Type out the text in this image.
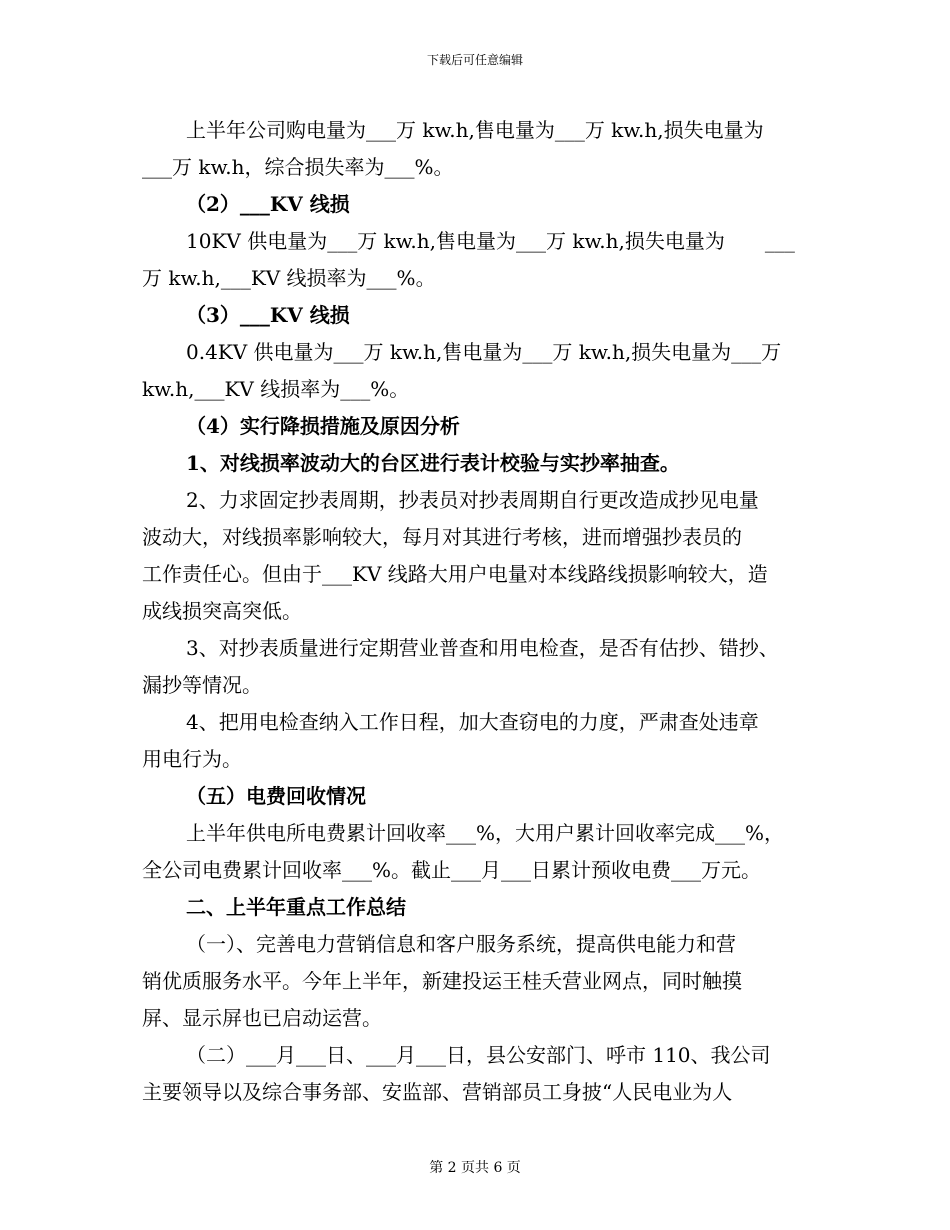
下载后可任意编辑
上半年公司购电量为___万 kw.h,售电量为___万 kw.h,损失电量为
___万 kw.h，综合损失率为___%。
（2）___KV 线损
10KV 供电量为___万 kw.h,售电量为___万 kw.h,损失电量为　　___
万 kw.h,___KV 线损率为___%。
（3）___KV 线损
0.4KV 供电量为___万 kw.h,售电量为___万 kw.h,损失电量为___万
kw.h,___KV 线损率为___%。
（4）实行降损措施及原因分析
1、对线损率波动大的台区进行表计校验与实抄率抽查。
2、力求固定抄表周期，抄表员对抄表周期自行更改造成抄见电量
波动大，对线损率影响较大，每月对其进行考核，进而增强抄表员的
工作责任心。但由于___KV 线路大用户电量对本线路线损影响较大，造
成线损突高突低。
3、对抄表质量进行定期营业普查和用电检查，是否有估抄、错抄、
漏抄等情况。
4、把用电检查纳入工作日程，加大查窃电的力度，严肃查处违章
用电行为。
（五）电费回收情况
上半年供电所电费累计回收率___%，大用户累计回收率完成___%，
全公司电费累计回收率___%。截止___月___日累计预收电费___万元。
二、上半年重点工作总结
（一）、完善电力营销信息和客户服务系统，提高供电能力和营
销优质服务水平。今年上半年，新建投运王桂夭营业网点，同时触摸
屏、显示屏也已启动运营。
（二）___月___日、___月___日，县公安部门、呼市 110、我公司
主要领导以及综合事务部、安监部、营销部员工身披“人民电业为人
第 2 页共 6 页
